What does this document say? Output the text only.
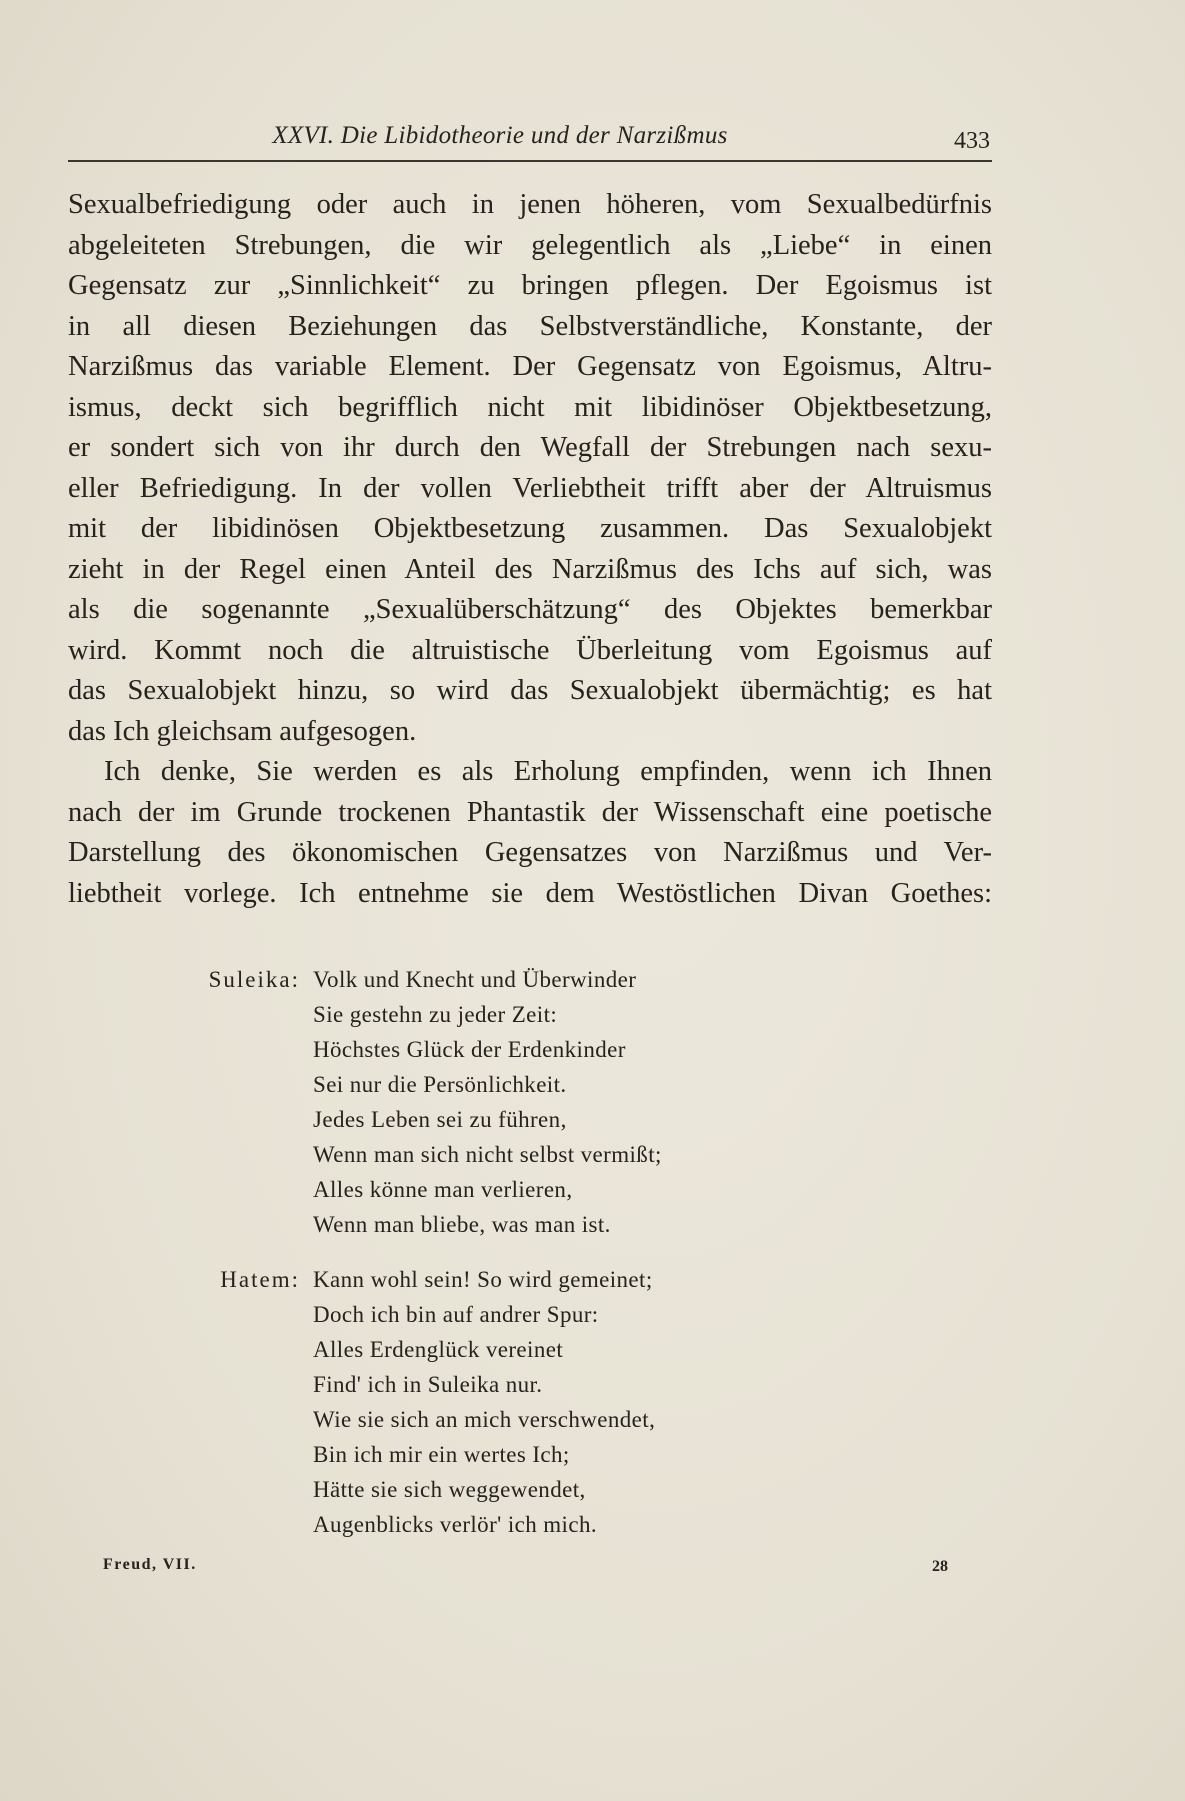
XXVI. Die Libidotheorie und der Narzißmus	433
Sexualbefriedigung oder auch in jenen höheren, vom Sexualbedürfnis
abgeleiteten Strebungen, die wir gelegentlich als „Liebe“ in einen
Gegensatz zur „Sinnlichkeit“ zu bringen pflegen. Der Egoismus ist
in all diesen Beziehungen das Selbstverständliche, Konstante, der
Narzißmus das variable Element. Der Gegensatz von Egoismus, Altru-
ismus, deckt sich begrifflich nicht mit libidinöser Objektbesetzung,
er sondert sich von ihr durch den Wegfall der Strebungen nach sexu-
eller Befriedigung. In der vollen Verliebtheit trifft aber der Altruismus
mit der libidinösen Objektbesetzung zusammen. Das Sexualobjekt
zieht in der Regel einen Anteil des Narzißmus des Ichs auf sich, was
als die sogenannte „Sexualüberschätzung“ des Objektes bemerkbar
wird. Kommt noch die altruistische Überleitung vom Egoismus auf
das Sexualobjekt hinzu, so wird das Sexualobjekt übermächtig; es hat
das Ich gleichsam aufgesogen.
Ich denke, Sie werden es als Erholung empfinden, wenn ich Ihnen
nach der im Grunde trockenen Phantastik der Wissenschaft eine poetische
Darstellung des ökonomischen Gegensatzes von Narzißmus und Ver-
liebtheit vorlege. Ich entnehme sie dem Westöstlichen Divan Goethes:
Suleika: Volk und Knecht und Überwinder
Sie gestehn zu jeder Zeit:
Höchstes Glück der Erdenkinder
Sei nur die Persönlichkeit.
Jedes Leben sei zu führen,
Wenn man sich nicht selbst vermißt;
Alles könne man verlieren,
Wenn man bliebe, was man ist.
Hatem: Kann wohl sein! So wird gemeinet;
Doch ich bin auf andrer Spur:
Alles Erdenglück vereinet
Find' ich in Suleika nur.
Wie sie sich an mich verschwendet,
Bin ich mir ein wertes Ich;
Hätte sie sich weggewendet,
Augenblicks verlör' ich mich.
Freud, VII.	28
